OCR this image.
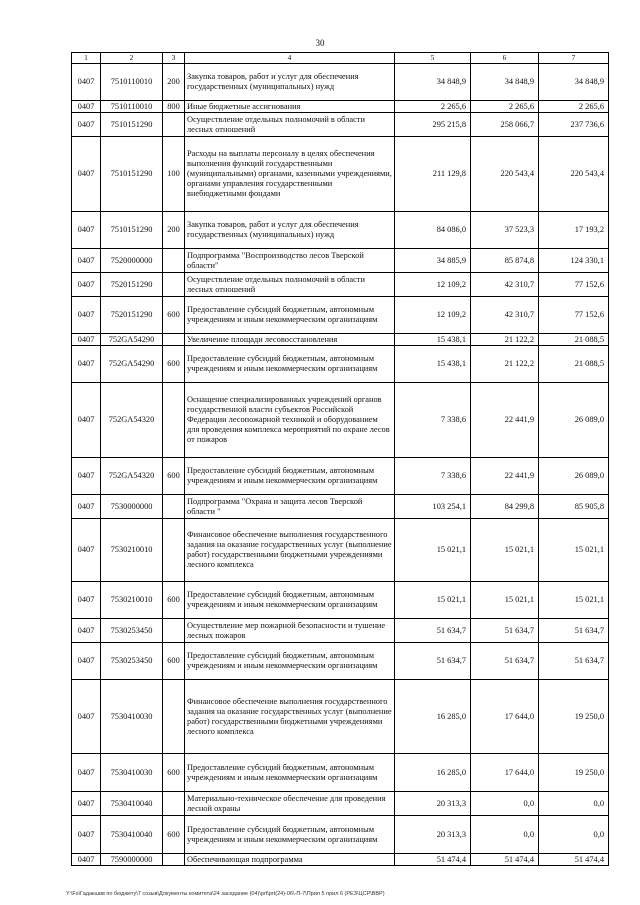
30
1	2	3	4	5	6	7
0407	7510110010	200	Закупка товаров, работ и услуг для обеспечения государственных (муниципальных) нужд	34 848,9	34 848,9	34 848,9
0407	7510110010	800	Иные бюджетные ассигнования	2 265,6	2 265,6	2 265,6
0407	7510151290		Осуществление отдельных полномочий в области лесных отношений	295 215,8	258 066,7	237 736,6
0407	7510151290	100	Расходы на выплаты персоналу в целях обеспечения выполнения функций государственными (муниципальными) органами, казенными учреждениями, органами управления государственными внебюджетными фондами	211 129,8	220 543,4	220 543,4
0407	7510151290	200	Закупка товаров, работ и услуг для обеспечения государственных (муниципальных) нужд	84 086,0	37 523,3	17 193,2
0407	7520000000		Подпрограмма "Воспроизводство лесов Тверской области"	34 885,9	85 874,8	124 330,1
0407	7520151290		Осуществление отдельных полномочий в области лесных отношений	12 109,2	42 310,7	77 152,6
0407	7520151290	600	Предоставление субсидий бюджетным, автономным учреждениям и иным некоммерческим организациям	12 109,2	42 310,7	77 152,6
0407	752GA54290		Увеличение площади лесовосстановления	15 438,1	21 122,2	21 088,5
0407	752GA54290	600	Предоставление субсидий бюджетным, автономным учреждениям и иным некоммерческим организациям	15 438,1	21 122,2	21 088,5
0407	752GA54320		Оснащение специализированных учреждений органов государственной власти субъектов Российской Федерации лесопожарной техникой и оборудованием для проведения комплекса мероприятий по охране лесов от пожаров	7 338,6	22 441,9	26 089,0
0407	752GA54320	600	Предоставление субсидий бюджетным, автономным учреждениям и иным некоммерческим организациям	7 338,6	22 441,9	26 089,0
0407	7530000000		Подпрограмма "Охрана и защита лесов Тверской области "	103 254,1	84 299,8	85 905,8
0407	7530210010		Финансовое обеспечение выполнения государственного задания на оказание государственных услуг (выполнение работ) государственными бюджетными учреждениями лесного комплекса	15 021,1	15 021,1	15 021,1
0407	7530210010	600	Предоставление субсидий бюджетным, автономным учреждениям и иным некоммерческим организациям	15 021,1	15 021,1	15 021,1
0407	7530253450		Осуществление мер пожарной безопасности и тушение лесных пожаров	51 634,7	51 634,7	51 634,7
0407	7530253450	600	Предоставление субсидий бюджетным, автономным учреждениям и иным некоммерческим организациям	51 634,7	51 634,7	51 634,7
0407	7530410030		Финансовое обеспечение выполнения государственного задания на оказание государственных услуг (выполнение работ) государственными бюджетными учреждениями лесного комплекса	16 285,0	17 644,0	19 250,0
0407	7530410030	600	Предоставление субсидий бюджетным, автономным учреждениям и иным некоммерческим организациям	16 285,0	17 644,0	19 250,0
0407	7530410040		Материально-техническое обеспечение для проведения лесной охраны	20 313,3	0,0	0,0
0407	7530410040	600	Предоставление субсидий бюджетным, автономным учреждениям и иным некоммерческим организациям	20 313,3	0,0	0,0
0407	7590000000		Обеспечивающая подпрограмма	51 474,4	51 474,4	51 474,4
Y:\Fs\Гадакшив по бюджету\7 созыв\Документы комитета\24 заседание (04)\prt\prt(24)-06\-П-7\Прил 5 прил 6 (РЕЗ\ЦСР\ВВР)
